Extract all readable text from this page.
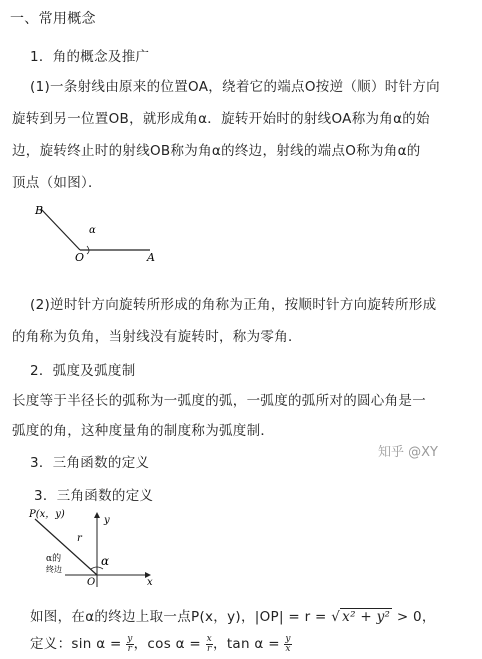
一、常用概念
1．角的概念及推广
(1)一条射线由原来的位置OA，绕着它的端点O按逆（顺）时针方向
旋转到另一位置OB，就形成角α．旋转开始时的射线OA称为角α的始
边，旋转终止时的射线OB称为角α的终边，射线的端点O称为角α的
顶点（如图）．
B
O	A
α
(2)逆时针方向旋转所形成的角称为正角，按顺时针方向旋转所形成
的角称为负角，当射线没有旋转时，称为零角．
2．弧度及弧度制
长度等于半径长的弧称为一弧度的弧，一弧度的弧所对的圆心角是一
弧度的角，这种度量角的制度称为弧度制．
知乎 @XY
3．三角函数的定义
3．三角函数的定义
P(x，y)
y
x
r
O
α
α的
终边
如图，在α的终边上取一点P(x，y)，|OP| = r = √ x² + y² > 0，
定义：$\sin \alpha = \frac{y}{r}$ ，$\cos \alpha = \frac{x}{r}$ ，$\tan \alpha = \frac{y}{x}$
